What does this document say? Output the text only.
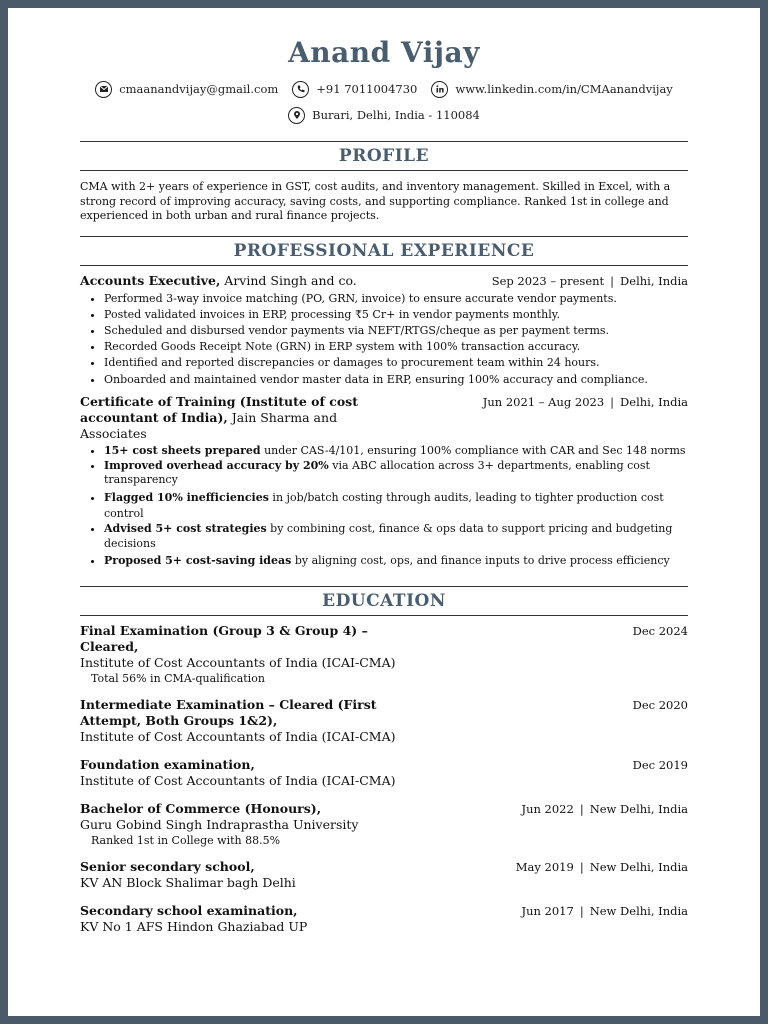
Anand Vijay
cmaanandvijay@gmail.com	+91 7011004730	www.linkedin.com/in/CMAanandvijay
Burari, Delhi, India - 110084
PROFILE
CMA with 2+ years of experience in GST, cost audits, and inventory management. Skilled in Excel, with a strong record of improving accuracy, saving costs, and supporting compliance. Ranked 1st in college and experienced in both urban and rural finance projects.
PROFESSIONAL EXPERIENCE
Accounts Executive, Arvind Singh and co.	Sep 2023 – present | Delhi, India
• Performed 3-way invoice matching (PO, GRN, invoice) to ensure accurate vendor payments.
• Posted validated invoices in ERP, processing ₹5 Cr+ in vendor payments monthly.
• Scheduled and disbursed vendor payments via NEFT/RTGS/cheque as per payment terms.
• Recorded Goods Receipt Note (GRN) in ERP system with 100% transaction accuracy.
• Identified and reported discrepancies or damages to procurement team within 24 hours.
• Onboarded and maintained vendor master data in ERP, ensuring 100% accuracy and compliance.
Certificate of Training (Institute of cost accountant of India), Jain Sharma and Associates
Jun 2021 – Aug 2023 | Delhi, India
• 15+ cost sheets prepared under CAS-4/101, ensuring 100% compliance with CAR and Sec 148 norms
• Improved overhead accuracy by 20% via ABC allocation across 3+ departments, enabling cost transparency
• Flagged 10% inefficiencies in job/batch costing through audits, leading to tighter production cost control
• Advised 5+ cost strategies by combining cost, finance & ops data to support pricing and budgeting decisions
• Proposed 5+ cost-saving ideas by aligning cost, ops, and finance inputs to drive process efficiency
EDUCATION
Final Examination (Group 3 & Group 4) – Cleared,
Dec 2024
Institute of Cost Accountants of India (ICAI-CMA)
Total 56% in CMA-qualification
Intermediate Examination – Cleared (First Attempt, Both Groups 1&2),
Dec 2020
Institute of Cost Accountants of India (ICAI-CMA)
Foundation examination,	Dec 2019
Institute of Cost Accountants of India (ICAI-CMA)
Bachelor of Commerce (Honours),	Jun 2022 | New Delhi, India
Guru Gobind Singh Indraprastha University
Ranked 1st in College with 88.5%
Senior secondary school,	May 2019 | New Delhi, India
KV AN Block Shalimar bagh Delhi
Secondary school examination,	Jun 2017 | New Delhi, India
KV No 1 AFS Hindon Ghaziabad UP
